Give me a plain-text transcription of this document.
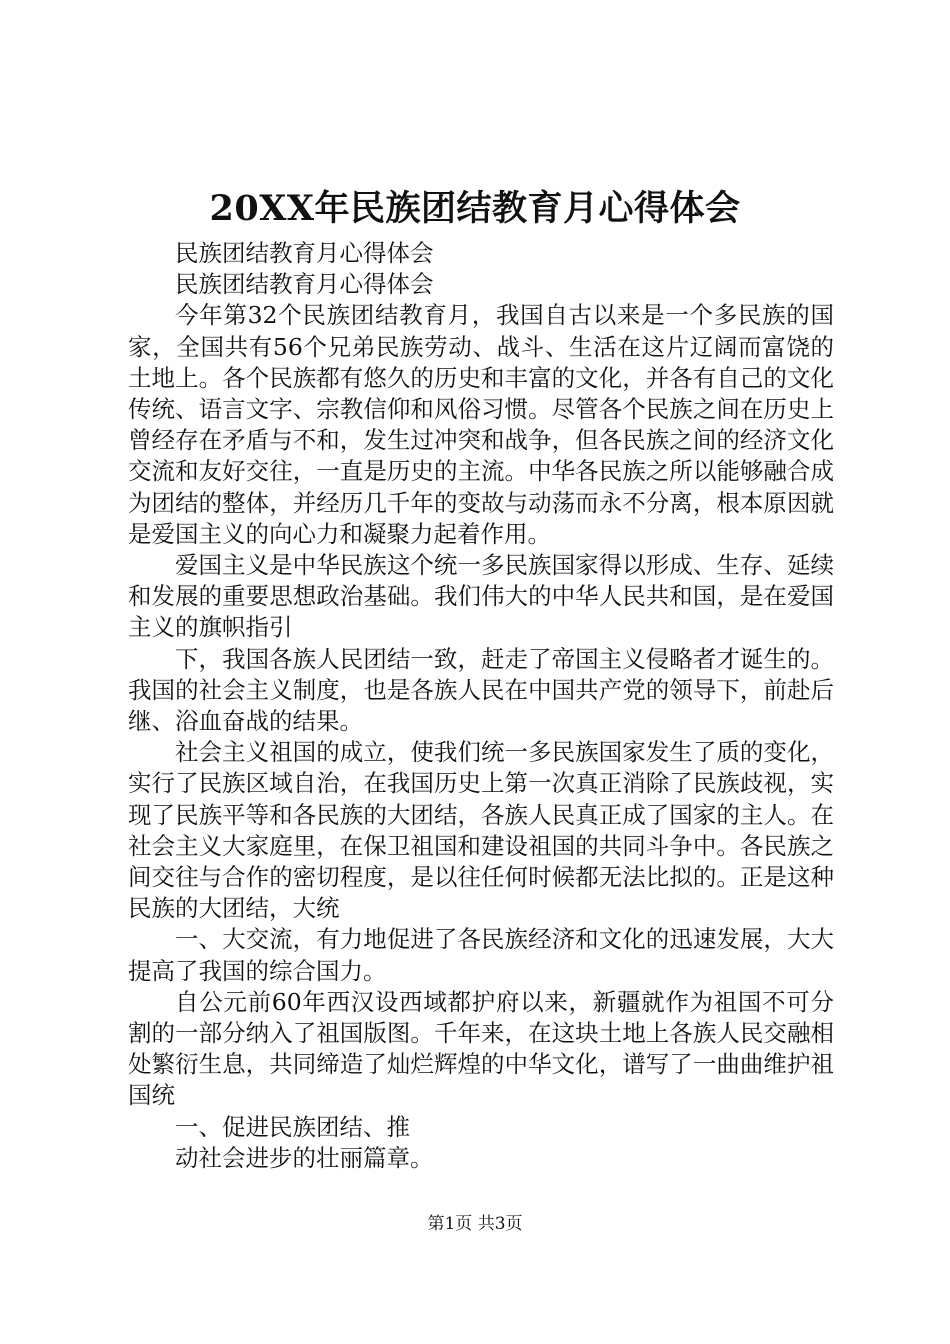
20XX年民族团结教育月心得体会

民族团结教育月心得体会

民族团结教育月心得体会

今年第32个民族团结教育月，我国自古以来是一个多民族的国家，全国共有56个兄弟民族劳动、战斗、生活在这片辽阔而富饶的土地上。各个民族都有悠久的历史和丰富的文化，并各有自己的文化传统、语言文字、宗教信仰和风俗习惯。尽管各个民族之间在历史上曾经存在矛盾与不和，发生过冲突和战争，但各民族之间的经济文化交流和友好交往，一直是历史的主流。中华各民族之所以能够融合成为团结的整体，并经历几千年的变故与动荡而永不分离，根本原因就是爱国主义的向心力和凝聚力起着作用。

爱国主义是中华民族这个统一多民族国家得以形成、生存、延续和发展的重要思想政治基础。我们伟大的中华人民共和国，是在爱国主义的旗帜指引

下，我国各族人民团结一致，赶走了帝国主义侵略者才诞生的。我国的社会主义制度，也是各族人民在中国共产党的领导下，前赴后继、浴血奋战的结果。

社会主义祖国的成立，使我们统一多民族国家发生了质的变化，实行了民族区域自治，在我国历史上第一次真正消除了民族歧视，实现了民族平等和各民族的大团结，各族人民真正成了国家的主人。在社会主义大家庭里，在保卫祖国和建设祖国的共同斗争中。各民族之间交往与合作的密切程度，是以往任何时候都无法比拟的。正是这种民族的大团结，大统

一、大交流，有力地促进了各民族经济和文化的迅速发展，大大提高了我国的综合国力。

自公元前60年西汉设西域都护府以来，新疆就作为祖国不可分割的一部分纳入了祖国版图。千年来，在这块土地上各族人民交融相处繁衍生息，共同缔造了灿烂辉煌的中华文化，谱写了一曲曲维护祖国统

一、促进民族团结、推

动社会进步的壮丽篇章。

第1页 共3页
